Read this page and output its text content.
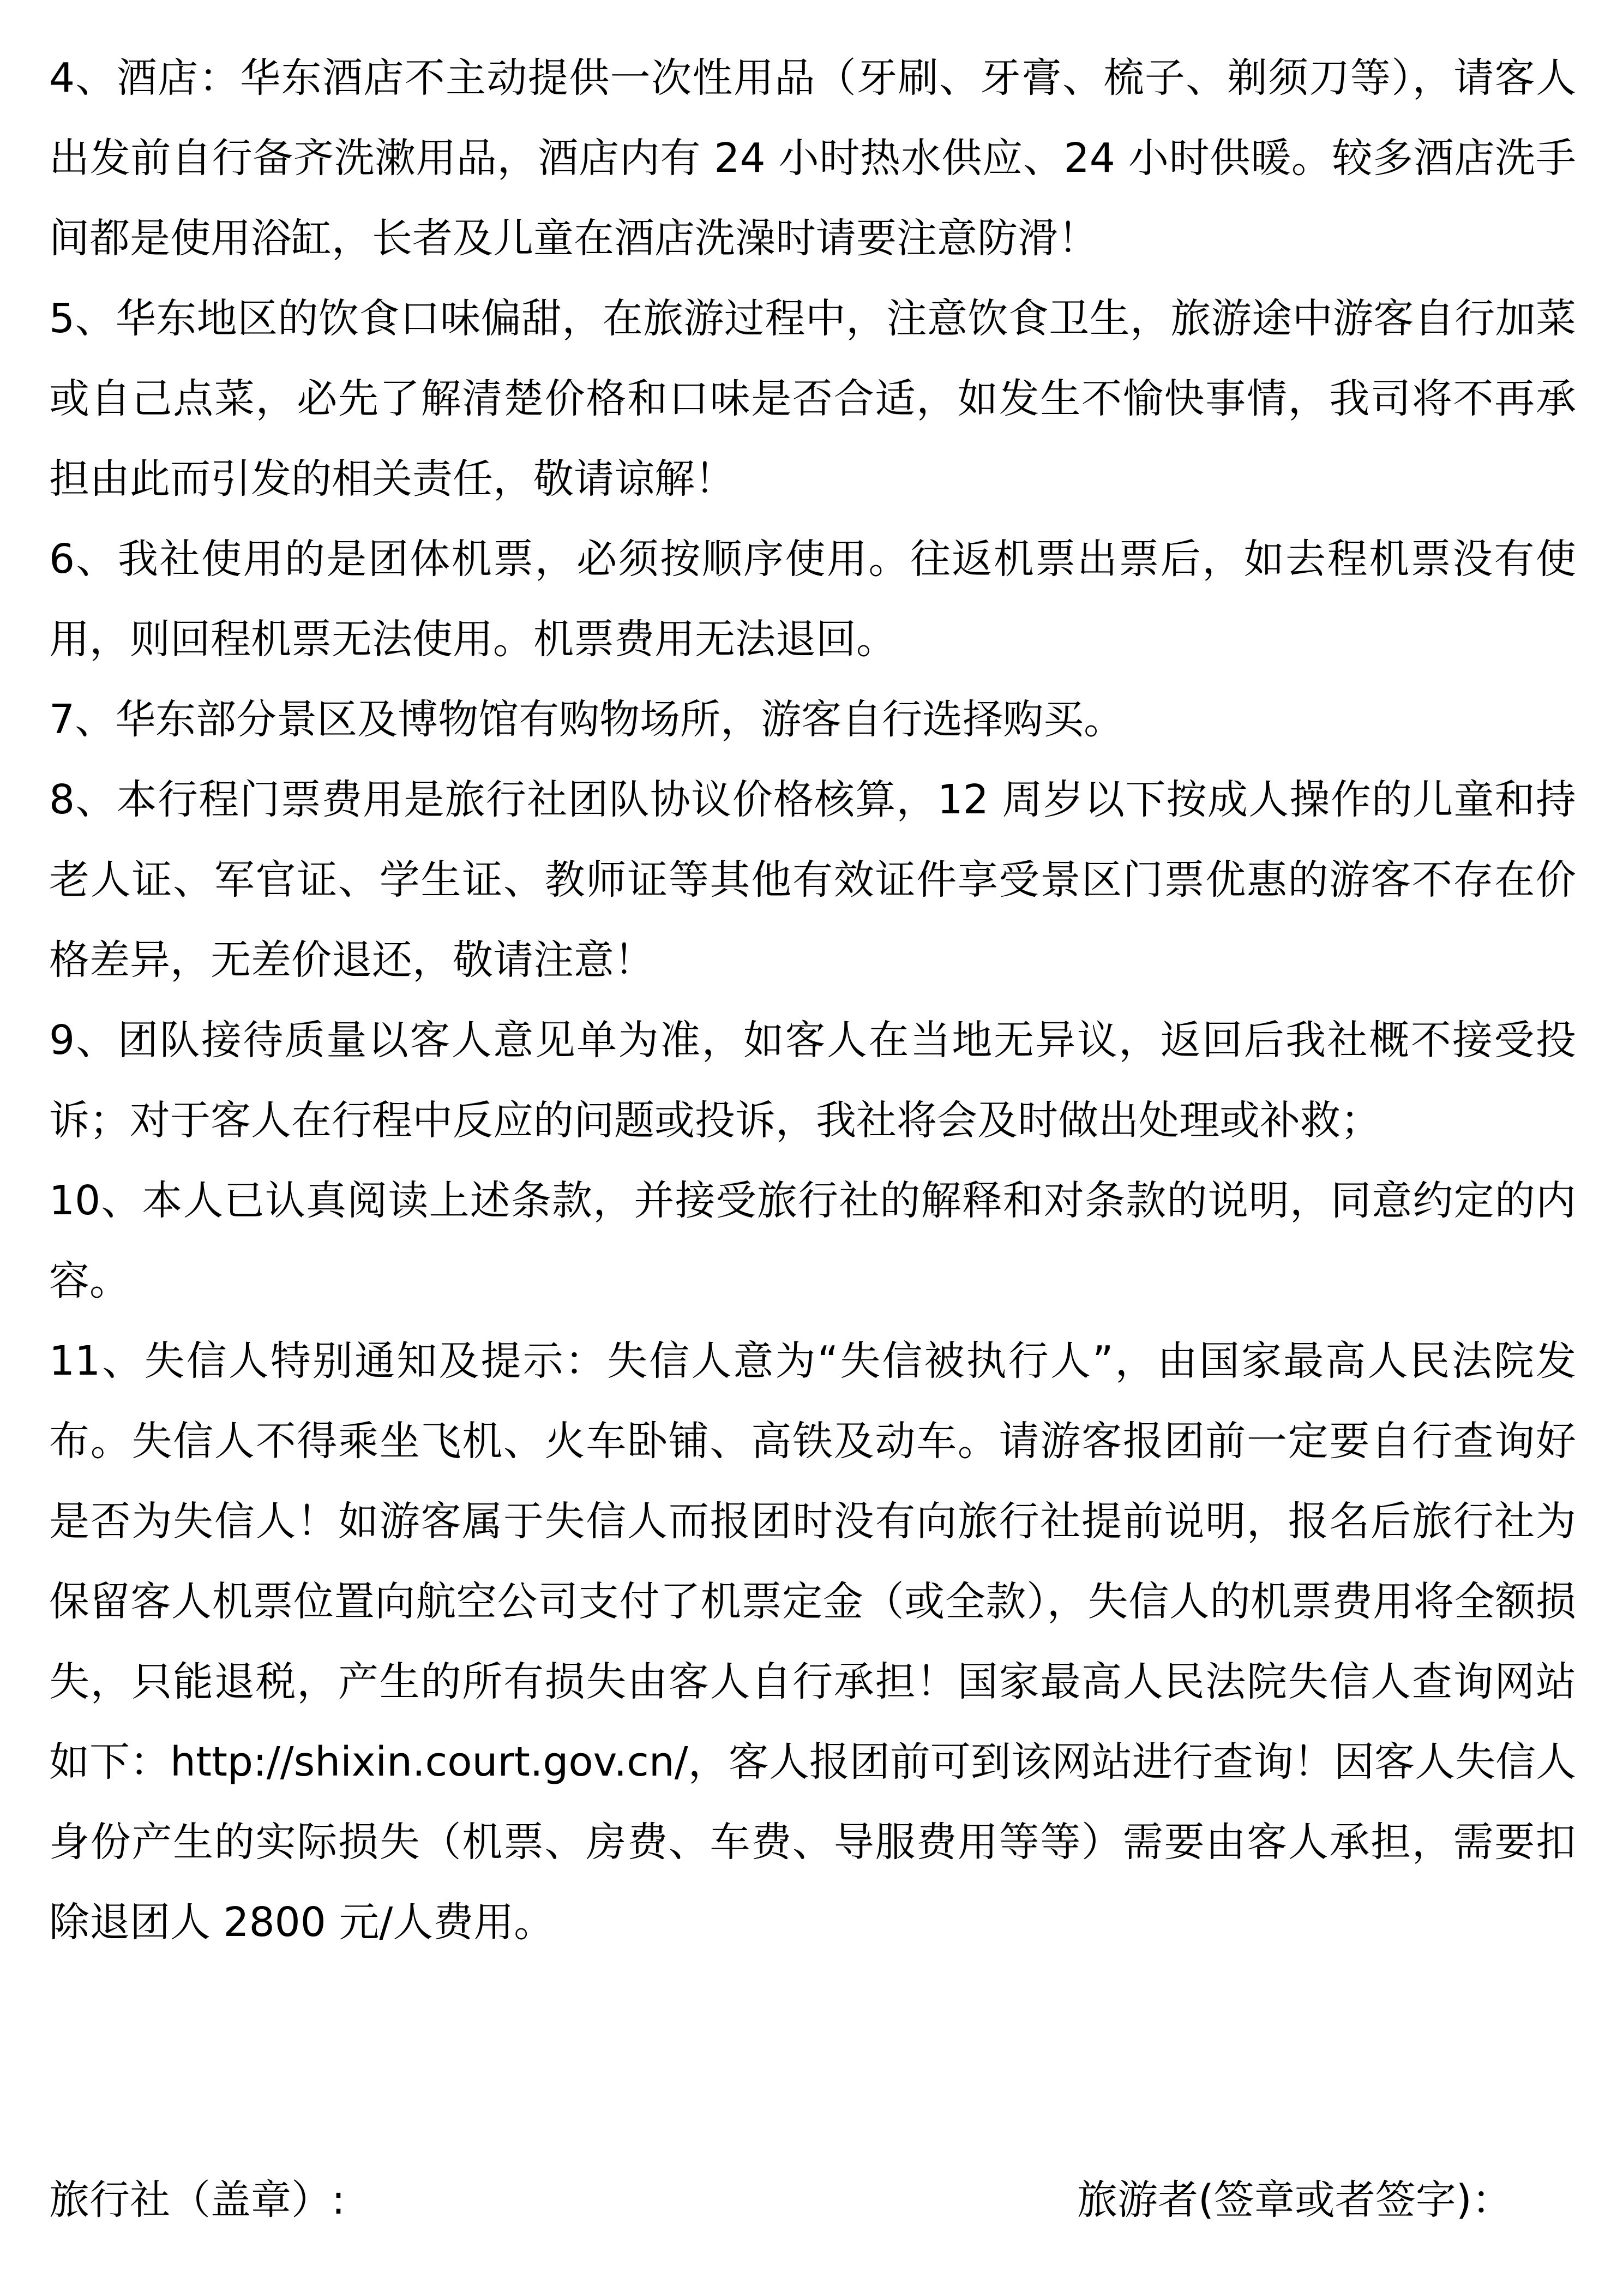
4、酒店：华东酒店不主动提供一次性用品（牙刷、牙膏、梳子、剃须刀等），请客人出发前自行备齐洗漱用品，酒店内有 24 小时热水供应、24 小时供暖。较多酒店洗手间都是使用浴缸，长者及儿童在酒店洗澡时请要注意防滑！

5、华东地区的饮食口味偏甜，在旅游过程中，注意饮食卫生，旅游途中游客自行加菜或自己点菜，必先了解清楚价格和口味是否合适，如发生不愉快事情，我司将不再承担由此而引发的相关责任，敬请谅解！

6、我社使用的是团体机票，必须按顺序使用。往返机票出票后，如去程机票没有使用，则回程机票无法使用。机票费用无法退回。

7、华东部分景区及博物馆有购物场所，游客自行选择购买。

8、本行程门票费用是旅行社团队协议价格核算，12 周岁以下按成人操作的儿童和持老人证、军官证、学生证、教师证等其他有效证件享受景区门票优惠的游客不存在价格差异，无差价退还，敬请注意！

9、团队接待质量以客人意见单为准，如客人在当地无异议，返回后我社概不接受投诉；对于客人在行程中反应的问题或投诉，我社将会及时做出处理或补救；

10、本人已认真阅读上述条款，并接受旅行社的解释和对条款的说明，同意约定的内容。

11、失信人特别通知及提示：失信人意为“失信被执行人”，由国家最高人民法院发布。失信人不得乘坐飞机、火车卧铺、高铁及动车。请游客报团前一定要自行查询好是否为失信人！如游客属于失信人而报团时没有向旅行社提前说明，报名后旅行社为保留客人机票位置向航空公司支付了机票定金（或全款），失信人的机票费用将全额损失，只能退税，产生的所有损失由客人自行承担！国家最高人民法院失信人查询网站如下：http://shixin.court.gov.cn/，客人报团前可到该网站进行查询！因客人失信人身份产生的实际损失（机票、房费、车费、导服费用等等）需要由客人承担，需要扣除退团人 2800 元/人费用。

旅行社（盖章）:	旅游者(签章或者签字)：
